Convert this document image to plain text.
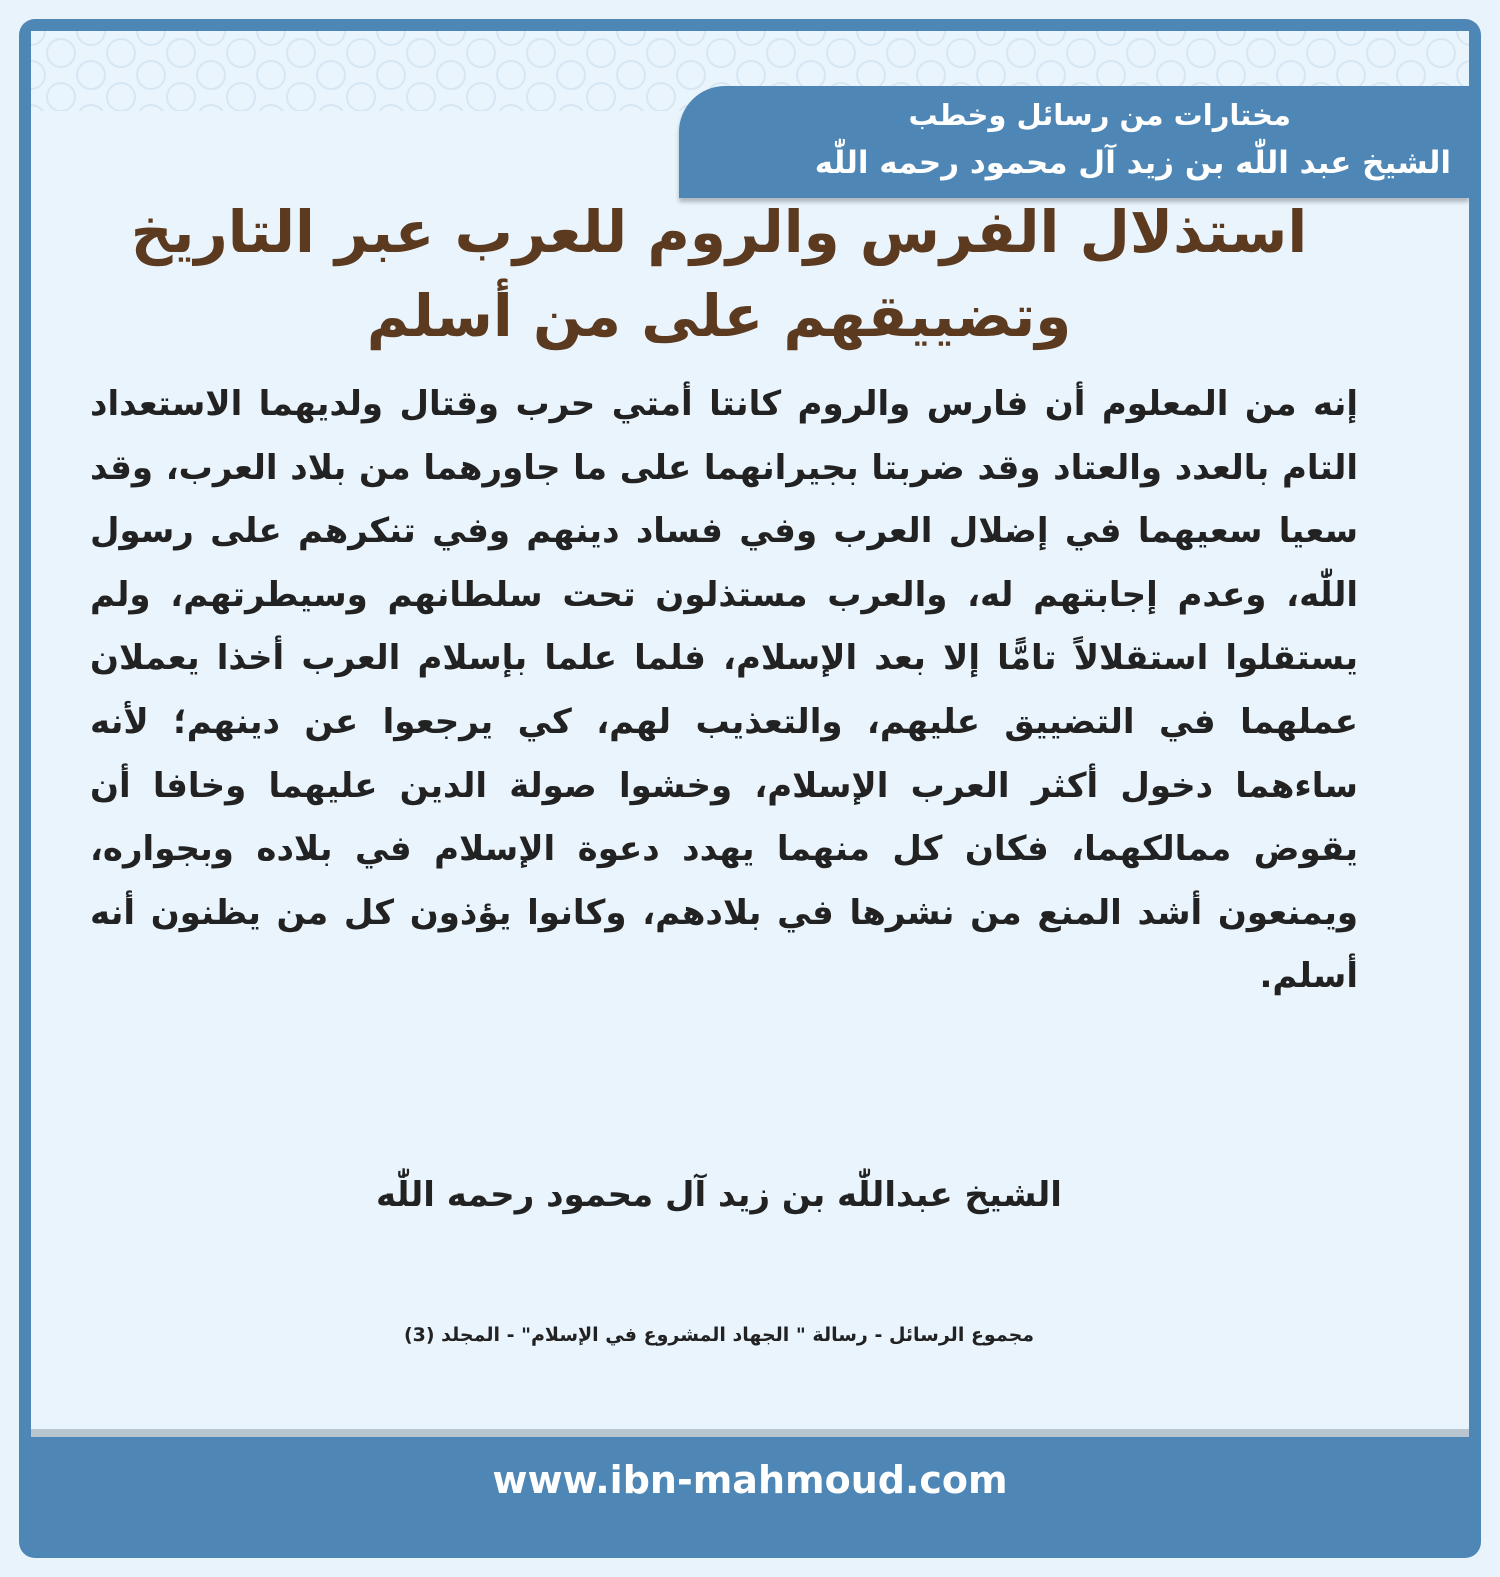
مختارات من رسائل وخطب
الشيخ عبد اللّٰه بن زيد آل محمود رحمه اللّٰه
استذلال الفرس والروم للعرب عبر التاريخ
وتضييقهم على من أسلم
إنه من المعلوم أن فارس والروم كانتا أمتي حرب وقتال ولديهما الاستعداد التام بالعدد والعتاد وقد ضربتا بجيرانهما على ما جاورهما من بلاد العرب، وقد سعيا سعيهما في إضلال العرب وفي فساد دينهم وفي تنكرهم على رسول اللّٰه، وعدم إجابتهم له، والعرب مستذلون تحت سلطانهم وسيطرتهم، ولم يستقلوا استقلالاً تامًّا إلا بعد الإسلام، فلما علما بإسلام العرب أخذا يعملان عملهما في التضييق عليهم، والتعذيب لهم، كي يرجعوا عن دينهم؛ لأنه ساءهما دخول أكثر العرب الإسلام، وخشوا صولة الدين عليهما وخافا أن يقوض ممالكهما، فكان كل منهما يهدد دعوة الإسلام في بلاده وبجواره، ويمنعون أشد المنع من نشرها في بلادهم، وكانوا يؤذون كل من يظنون أنه أسلم.
الشيخ عبداللّٰه بن زيد آل محمود رحمه اللّٰه
مجموع الرسائل - رسالة " الجهاد المشروع في الإسلام" - المجلد (3)
www.ibn-mahmoud.com
